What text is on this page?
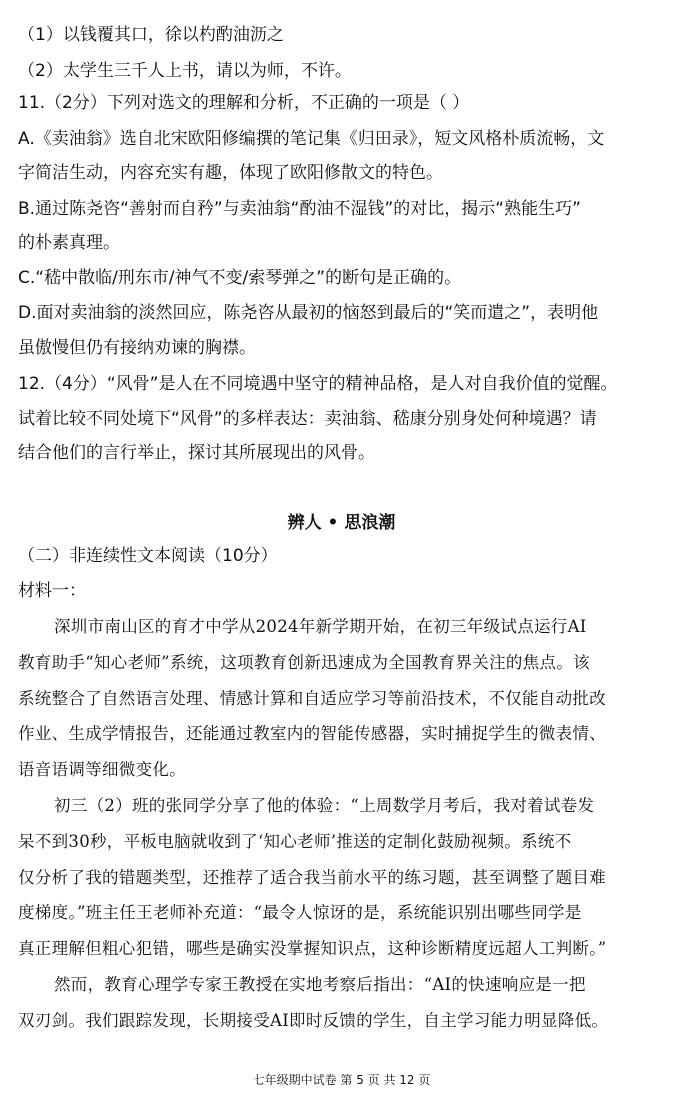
（1）以钱覆其口，徐以杓酌油沥之
（2）太学生三千人上书，请以为师，不许。
11.（2分）下列对选文的理解和分析，不正确的一项是（ ）
A.《卖油翁》选自北宋欧阳修编撰的笔记集《归田录》，短文风格朴质流畅，文
字简洁生动，内容充实有趣，体现了欧阳修散文的特色。
B.通过陈尧咨“善射而自矜”与卖油翁“酌油不湿钱”的对比，揭示“熟能生巧”
的朴素真理。
C.“嵇中散临/刑东市/神气不变/索琴弹之”的断句是正确的。
D.面对卖油翁的淡然回应，陈尧咨从最初的恼怒到最后的“笑而遣之”，表明他
虽傲慢但仍有接纳劝谏的胸襟。
12.（4分）“风骨”是人在不同境遇中坚守的精神品格，是人对自我价值的觉醒。
试着比较不同处境下“风骨”的多样表达：卖油翁、嵇康分别身处何种境遇？请
结合他们的言行举止，探讨其所展现出的风骨。
辨人 • 思浪潮
（二）非连续性文本阅读（10分）
材料一：
深圳市南山区的育才中学从2024年新学期开始，在初三年级试点运行AI
教育助手“知心老师”系统，这项教育创新迅速成为全国教育界关注的焦点。该
系统整合了自然语言处理、情感计算和自适应学习等前沿技术，不仅能自动批改
作业、生成学情报告，还能通过教室内的智能传感器，实时捕捉学生的微表情、
语音语调等细微变化。
初三（2）班的张同学分享了他的体验：“上周数学月考后，我对着试卷发
呆不到30秒，平板电脑就收到了‘知心老师’推送的定制化鼓励视频。系统不
仅分析了我的错题类型，还推荐了适合我当前水平的练习题，甚至调整了题目难
度梯度。”班主任王老师补充道：“最令人惊讶的是，系统能识别出哪些同学是
真正理解但粗心犯错，哪些是确实没掌握知识点，这种诊断精度远超人工判断。”
然而，教育心理学专家王教授在实地考察后指出：“AI的快速响应是一把
双刃剑。我们跟踪发现，长期接受AI即时反馈的学生，自主学习能力明显降低。
七年级期中试卷 第 5 页 共 12 页
